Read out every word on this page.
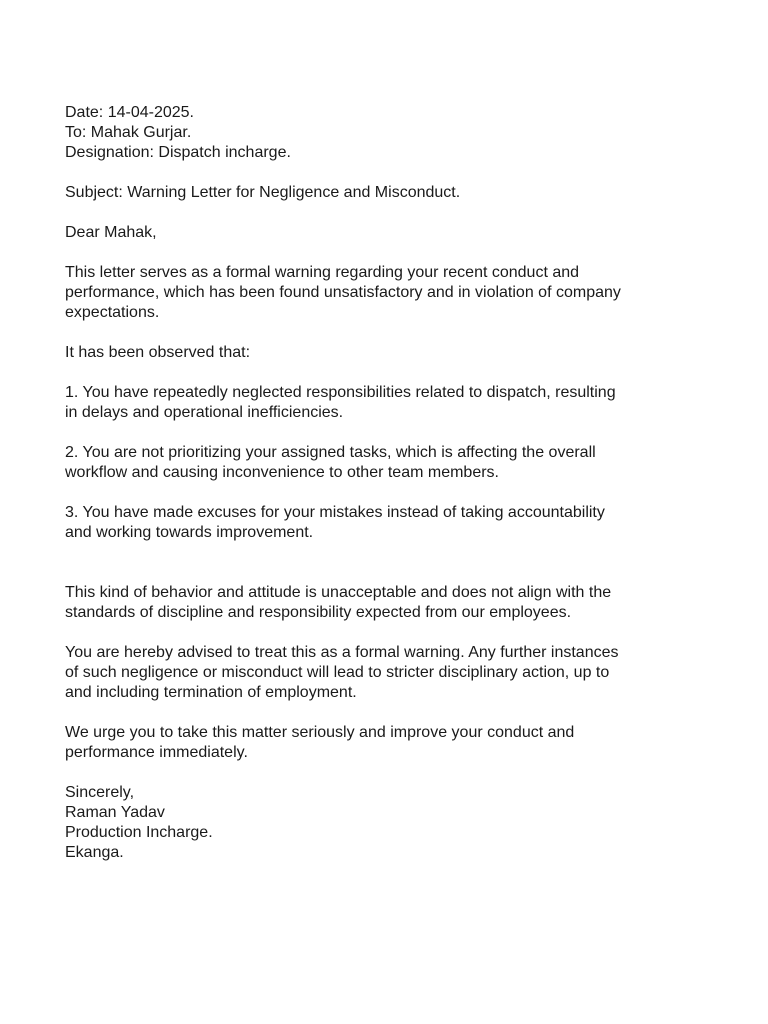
Date: 14-04-2025.
To: Mahak Gurjar.
Designation: Dispatch incharge.
Subject: Warning Letter for Negligence and Misconduct.
Dear Mahak,
This letter serves as a formal warning regarding your recent conduct and
performance, which has been found unsatisfactory and in violation of company
expectations.
It has been observed that:
1. You have repeatedly neglected responsibilities related to dispatch, resulting
in delays and operational inefficiencies.
2. You are not prioritizing your assigned tasks, which is affecting the overall
workflow and causing inconvenience to other team members.
3. You have made excuses for your mistakes instead of taking accountability
and working towards improvement.
This kind of behavior and attitude is unacceptable and does not align with the
standards of discipline and responsibility expected from our employees.
You are hereby advised to treat this as a formal warning. Any further instances
of such negligence or misconduct will lead to stricter disciplinary action, up to
and including termination of employment.
We urge you to take this matter seriously and improve your conduct and
performance immediately.
Sincerely,
Raman Yadav
Production Incharge.
Ekanga.
